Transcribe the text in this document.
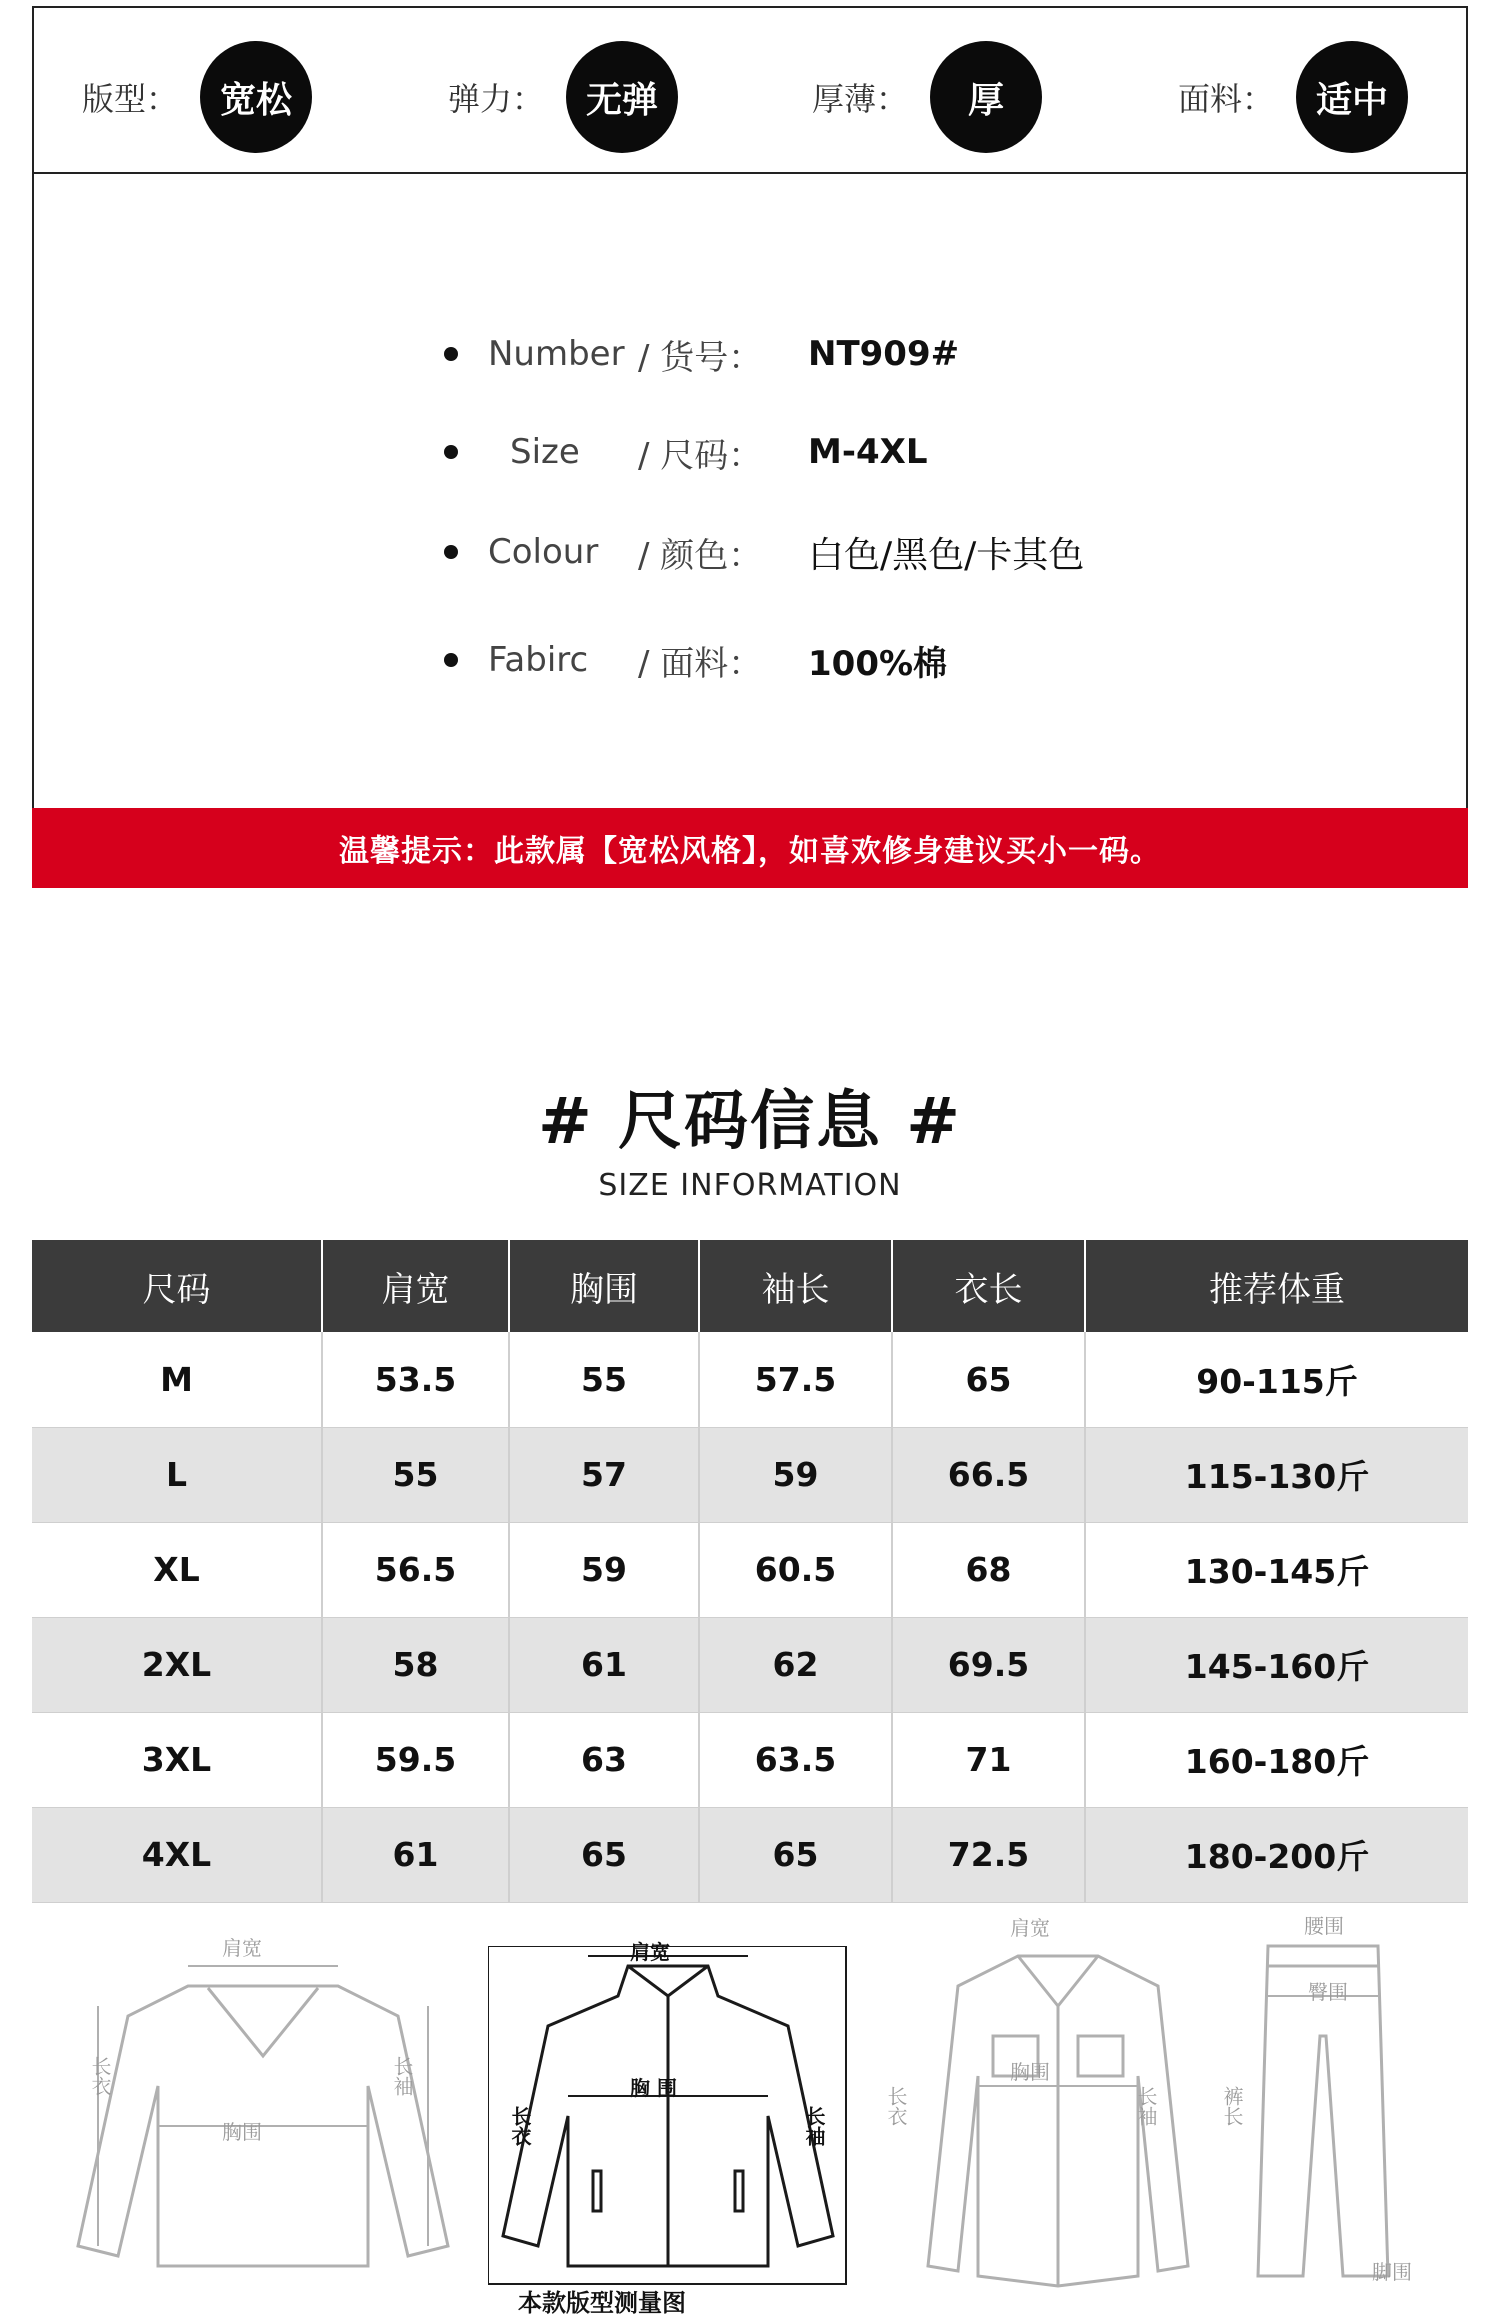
版型：	宽松	弹力：	无弹	厚薄：	厚	面料：	适中
Number / 货号：	NT909#
Size	/ 尺码：	M-4XL
Colour	/ 颜色：	白色/黑色/卡其色
Fabirc	/ 面料：	100%棉
温馨提示：此款属【宽松风格】，如喜欢修身建议买小一码。
# 尺码信息 #
SIZE INFORMATION
尺码	肩宽	胸围	袖长	衣长	推荐体重
M	53.5	55	57.5	65	90-115斤
L	55	57	59	66.5	115-130斤
XL	56.5	59	60.5	68	130-145斤
2XL	58	61	62	69.5	145-160斤
3XL	59.5	63	63.5	71	160-180斤
4XL	61	65	65	72.5	180-200斤
肩宽
长衣	长袖
胸围
肩宽
胸 围
长衣	长袖
肩宽
胸围
长衣	长袖
腰围
臀围
裤长
脚围
本款版型测量图
